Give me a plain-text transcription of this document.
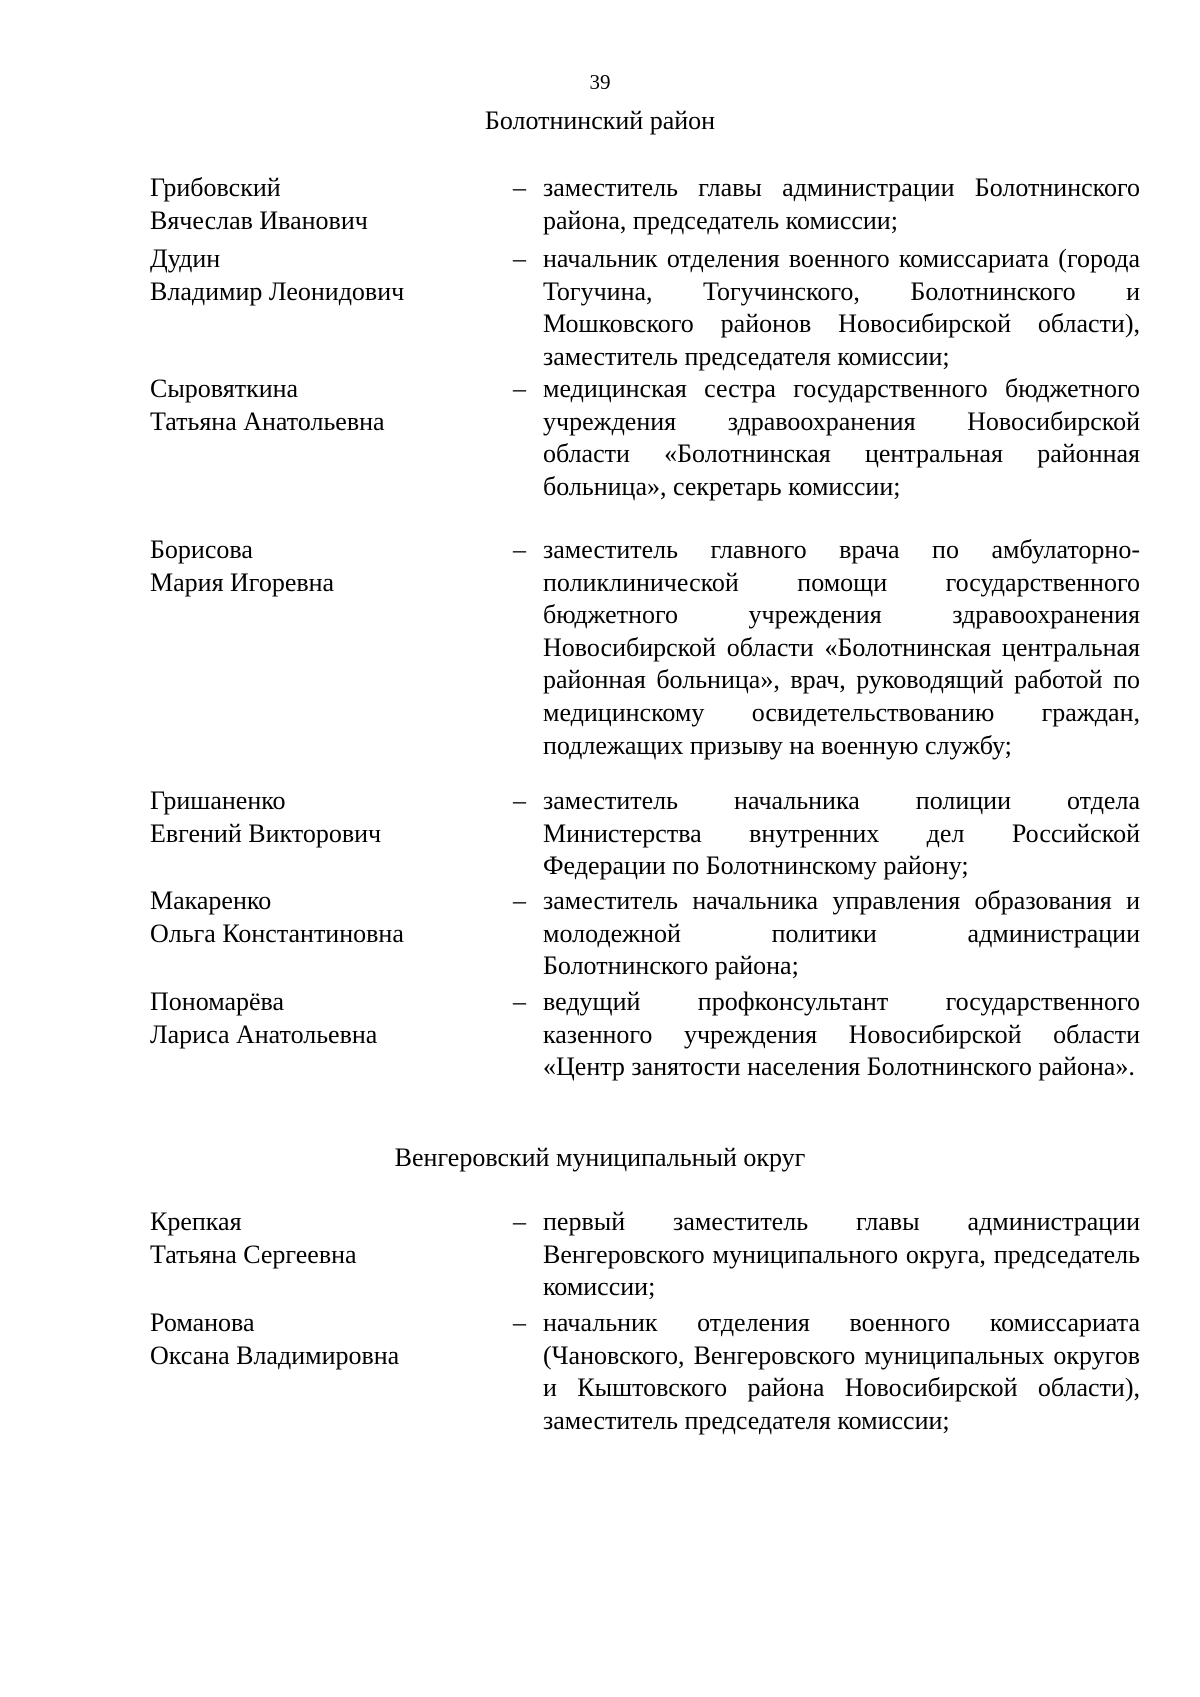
39
Болотнинский район
Грибовский
Вячеслав Иванович
– заместитель главы администрации Болотнинского района, председатель комиссии;
Дудин
Владимир Леонидович
– начальник отделения военного комиссариата (города Тогучина, Тогучинского, Болотнинского и Мошковского районов Новосибирской области), заместитель председателя комиссии;
Сыровяткина
Татьяна Анатольевна
– медицинская сестра государственного бюджетного учреждения здравоохранения Новосибирской области «Болотнинская центральная районная больница», секретарь комиссии;
Борисова
Мария Игоревна
– заместитель главного врача по амбулаторно-поликлинической помощи государственного бюджетного учреждения здравоохранения Новосибирской области «Болотнинская центральная районная больница», врач, руководящий работой по медицинскому освидетельствованию граждан, подлежащих призыву на военную службу;
Гришаненко
Евгений Викторович
– заместитель начальника полиции отдела Министерства внутренних дел Российской Федерации по Болотнинскому району;
Макаренко
Ольга Константиновна
– заместитель начальника управления образования и молодежной политики администрации Болотнинского района;
Пономарёва
Лариса Анатольевна
– ведущий профконсультант государственного казенного учреждения Новосибирской области «Центр занятости населения Болотнинского района».
Венгеровский муниципальный округ
Крепкая
Татьяна Сергеевна
– первый заместитель главы администрации Венгеровского муниципального округа, председатель комиссии;
Романова
Оксана Владимировна
– начальник отделения военного комиссариата (Чановского, Венгеровского муниципальных округов и Кыштовского района Новосибирской области), заместитель председателя комиссии;
